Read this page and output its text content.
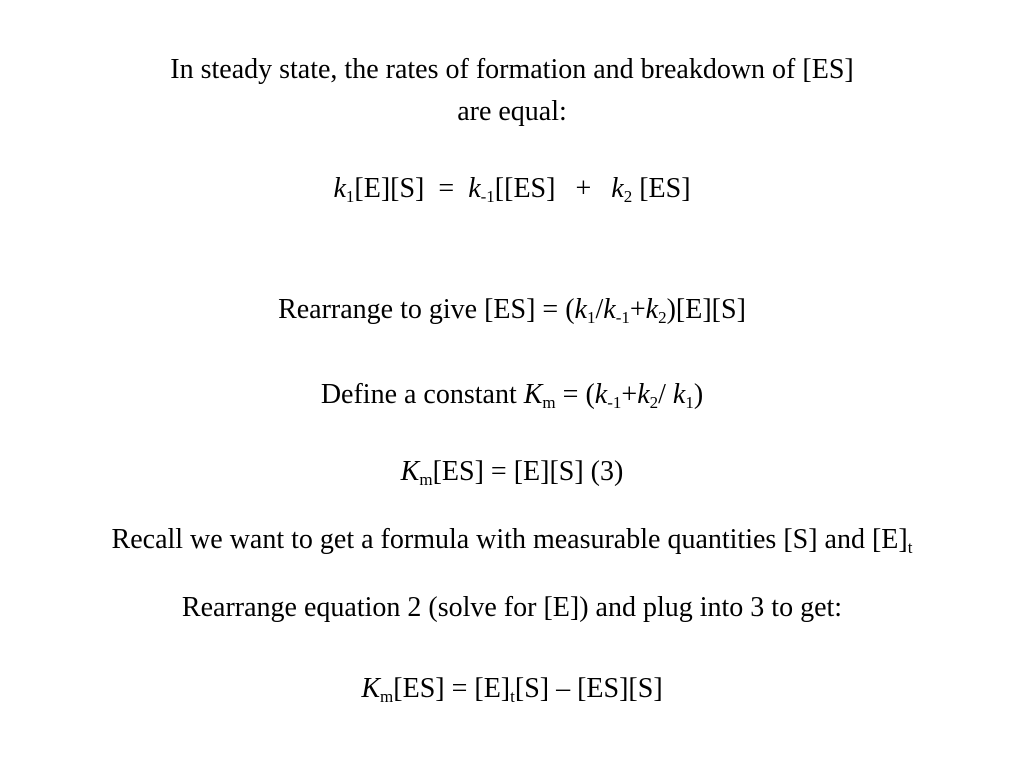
In steady state, the rates of formation and breakdown of [ES]
are equal:
$k_1[E][S] = k_{-1}[[ES] + k_2$ [ES]
Rearrange to give $[ES] = (k_1/k_{-1}+k_2)[E][S]$
Define a constant $K_m = (k_{-1}+k_2/$ $k_1$)
$K_m[ES] = [E][S]$ (3)
Recall we want to get a formula with measurable quantities [S] and $[E]_t$
Rearrange equation 2 (solve for [E]) and plug into 3 to get:
$K_m[ES] = [E]_t[S] - [ES][S]$
